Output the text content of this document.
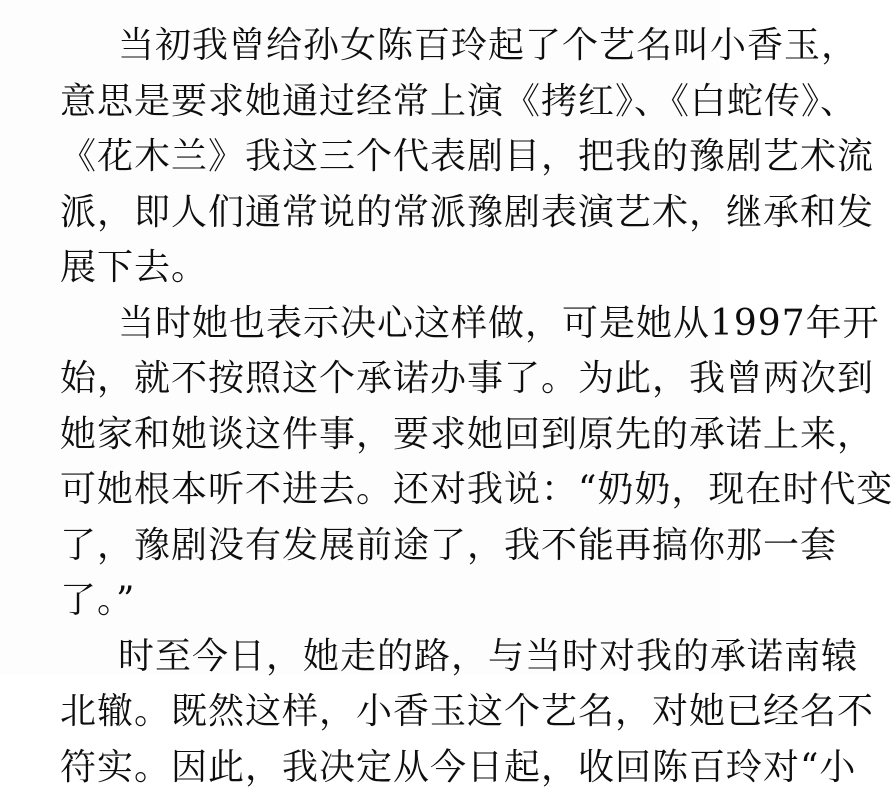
当初我曾给孙女陈百玲起了个艺名叫小香玉，
意思是要求她通过经常上演《拷红》、《白蛇传》、
《花木兰》我这三个代表剧目，把我的豫剧艺术流
派，即人们通常说的常派豫剧表演艺术，继承和发
展下去。
当时她也表示决心这样做，可是她从1997年开
始，就不按照这个承诺办事了。为此，我曾两次到
她家和她谈这件事，要求她回到原先的承诺上来，
可她根本听不进去。还对我说：“奶奶，现在时代变
了，豫剧没有发展前途了，我不能再搞你那一套
了。”
时至今日，她走的路，与当时对我的承诺南辕
北辙。既然这样，小香玉这个艺名，对她已经名不
符实。因此，我决定从今日起，收回陈百玲对“小
